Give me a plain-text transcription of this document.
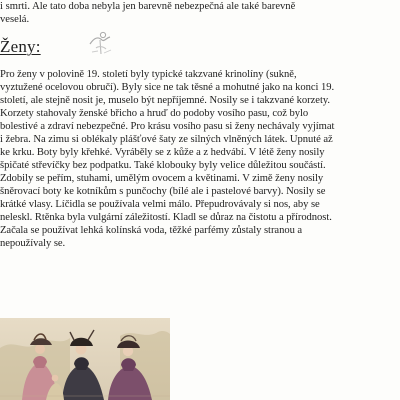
i smrti. Ale tato doba nebyla jen barevně nebezpečná ale také barevně
veselá.
Ženy:
Pro ženy v polovině 19. století byly typické takzvané krinolíny (sukně,
vyztužené ocelovou obručí). Byly sice ne tak těsné a mohutné jako na konci 19.
století, ale stejně nosit je, muselo být nepříjemné. Nosily se i takzvané korzety.
Korzety stahovaly ženské břicho a hruď do podoby vosího pasu, což bylo
bolestivé a zdraví nebezpečné. Pro krásu vosího pasu si ženy nechávaly vyjímat
i žebra. Na zimu si oblékaly plášťové šaty ze silných vlněných látek. Upnuté až
ke krku. Boty byly křehké. Vyráběly se z kůže a z hedvábí. V létě ženy nosily
špičaté střevíčky bez podpatku. Také klobouky byly velice důležitou součástí.
Zdobily se peřím, stuhami, umělým ovocem a květinami. V zimě ženy nosily
šněrovací boty ke kotníkům s punčochy (bílé ale i pastelové barvy). Nosily se
krátké vlasy. Líčidla se používala velmi málo. Přepudrovávaly si nos, aby se
neleskl. Rtěnka byla vulgární záležitostí. Kladl se důraz na čistotu a přírodnost.
Začala se používat lehká kolínská voda, těžké parfémy zůstaly stranou a
nepoužívaly se.
